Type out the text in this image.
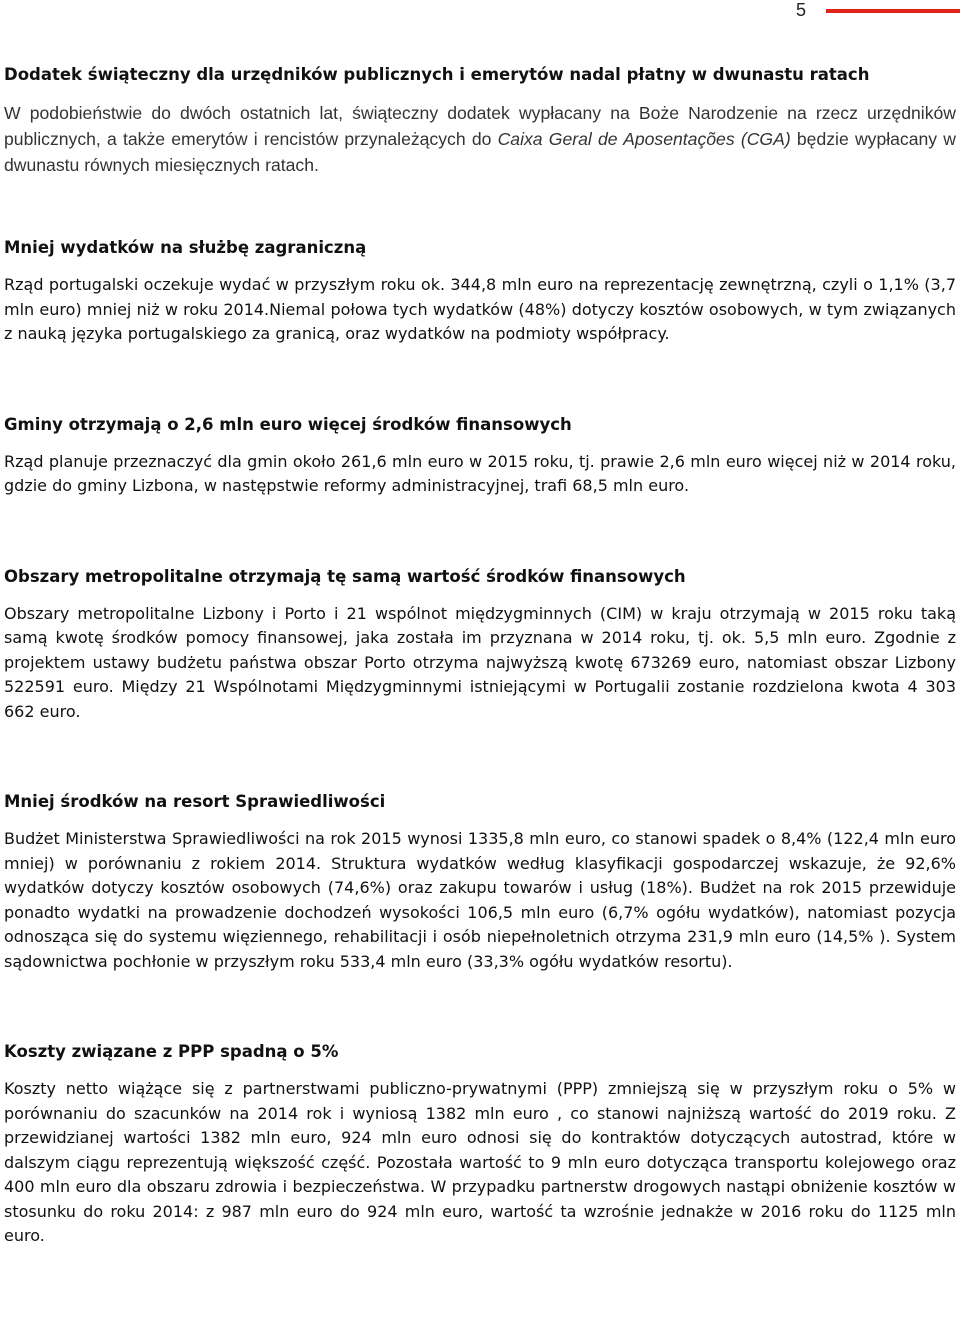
5
Dodatek świąteczny dla urzędników publicznych i emerytów nadal płatny w dwunastu ratach

W podobieństwie do dwóch ostatnich lat, świąteczny dodatek wypłacany na Boże Narodzenie na rzecz urzędników publicznych, a także emerytów i rencistów przynależących do Caixa Geral de Aposentações (CGA) będzie wypłacany w dwunastu równych miesięcznych ratach.

Mniej wydatków na służbę zagraniczną

Rząd portugalski oczekuje wydać w przyszłym roku ok. 344,8 mln euro na reprezentację zewnętrzną, czyli o 1,1% (3,7 mln euro) mniej niż w roku 2014.Niemal połowa tych wydatków (48%) dotyczy kosztów osobowych, w tym związanych z nauką języka portugalskiego za granicą, oraz wydatków na podmioty współpracy.

Gminy otrzymają o 2,6 mln euro więcej środków finansowych

Rząd planuje przeznaczyć dla gmin około 261,6 mln euro w 2015 roku, tj. prawie 2,6 mln euro więcej niż w 2014 roku, gdzie do gminy Lizbona, w następstwie reformy administracyjnej, trafi 68,5 mln euro.

Obszary metropolitalne otrzymają tę samą wartość środków finansowych

Obszary metropolitalne Lizbony i Porto i 21 wspólnot międzygminnych (CIM) w kraju otrzymają w 2015 roku taką samą kwotę środków pomocy finansowej, jaka została im przyznana w 2014 roku, tj. ok. 5,5 mln euro. Zgodnie z projektem ustawy budżetu państwa obszar Porto otrzyma najwyższą kwotę 673269 euro, natomiast obszar Lizbony 522591 euro. Między 21 Wspólnotami Międzygminnymi istniejącymi w Portugalii zostanie rozdzielona kwota 4 303 662 euro.

Mniej środków na resort Sprawiedliwości

Budżet Ministerstwa Sprawiedliwości na rok 2015 wynosi 1335,8 mln euro, co stanowi spadek o 8,4% (122,4 mln euro mniej) w porównaniu z rokiem 2014. Struktura wydatków według klasyfikacji gospodarczej wskazuje, że 92,6% wydatków dotyczy kosztów osobowych (74,6%) oraz zakupu towarów i usług (18%). Budżet na rok 2015 przewiduje ponadto wydatki na prowadzenie dochodzeń wysokości 106,5 mln euro (6,7% ogółu wydatków), natomiast pozycja odnosząca się do systemu więziennego, rehabilitacji i osób niepełnoletnich otrzyma 231,9 mln euro (14,5% ). System sądownictwa pochłonie w przyszłym roku 533,4 mln euro (33,3% ogółu wydatków resortu).

Koszty związane z PPP spadną o 5%

Koszty netto wiążące się z partnerstwami publiczno-prywatnymi (PPP) zmniejszą się w przyszłym roku o 5% w porównaniu do szacunków na 2014 rok i wyniosą 1382 mln euro , co stanowi najniższą wartość do 2019 roku. Z przewidzianej wartości 1382 mln euro, 924 mln euro odnosi się do kontraktów dotyczących autostrad, które w dalszym ciągu reprezentują większość część. Pozostała wartość to 9 mln euro dotycząca transportu kolejowego oraz 400 mln euro dla obszaru zdrowia i bezpieczeństwa. W przypadku partnerstw drogowych nastąpi obniżenie kosztów w stosunku do roku 2014: z 987 mln euro do 924 mln euro, wartość ta wzrośnie jednakże w 2016 roku do 1125 mln euro.
